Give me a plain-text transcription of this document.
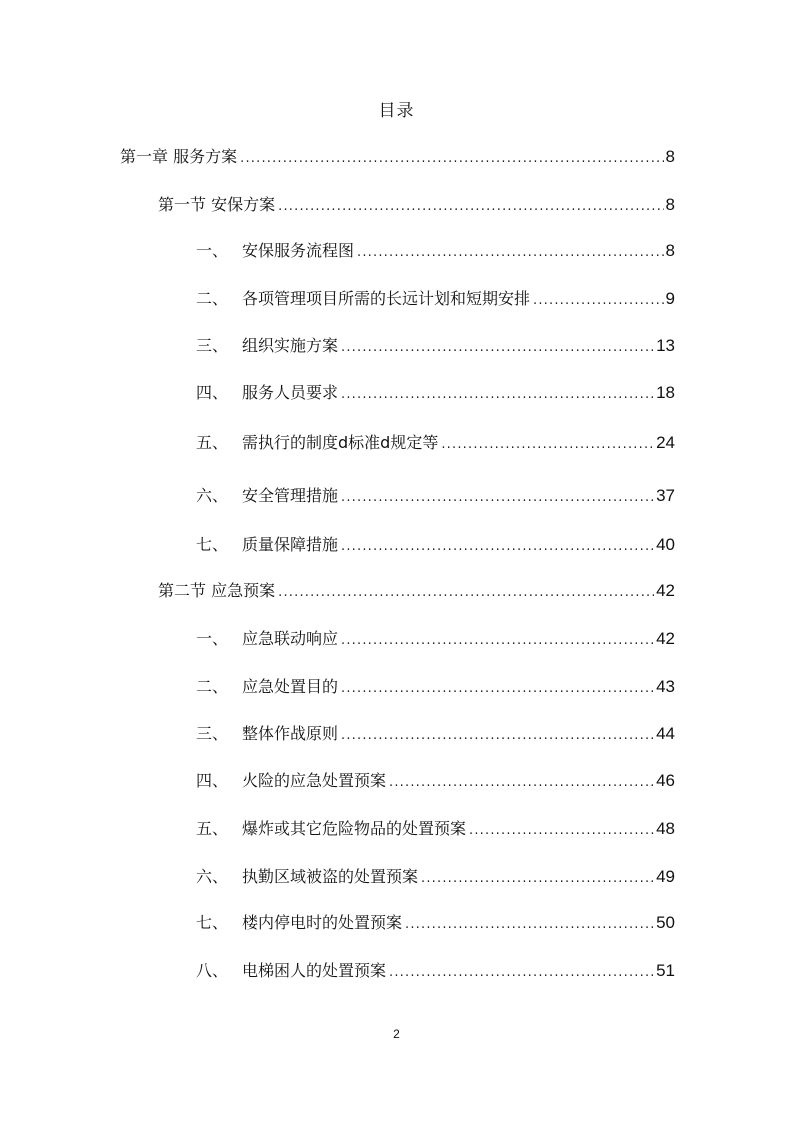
目录
第一章 服务方案 .....	8
第一节 安保方案 .....	8
一、 安保服务流程图 .....	8
二、 各项管理项目所需的长远计划和短期安排 .....	9
三、 组织实施方案 .....	13
四、 服务人员要求 .....	18
五、 需执行的制度d标准d规定等 .....	24
六、 安全管理措施 .....	37
七、 质量保障措施 .....	40
第二节 应急预案 .....	42
一、 应急联动响应 .....	42
二、 应急处置目的 .....	43
三、 整体作战原则 .....	44
四、 火险的应急处置预案 .....	46
五、 爆炸或其它危险物品的处置预案 .....	48
六、 执勤区域被盗的处置预案 .....	49
七、 楼内停电时的处置预案 .....	50
八、 电梯困人的处置预案 .....	51
2
